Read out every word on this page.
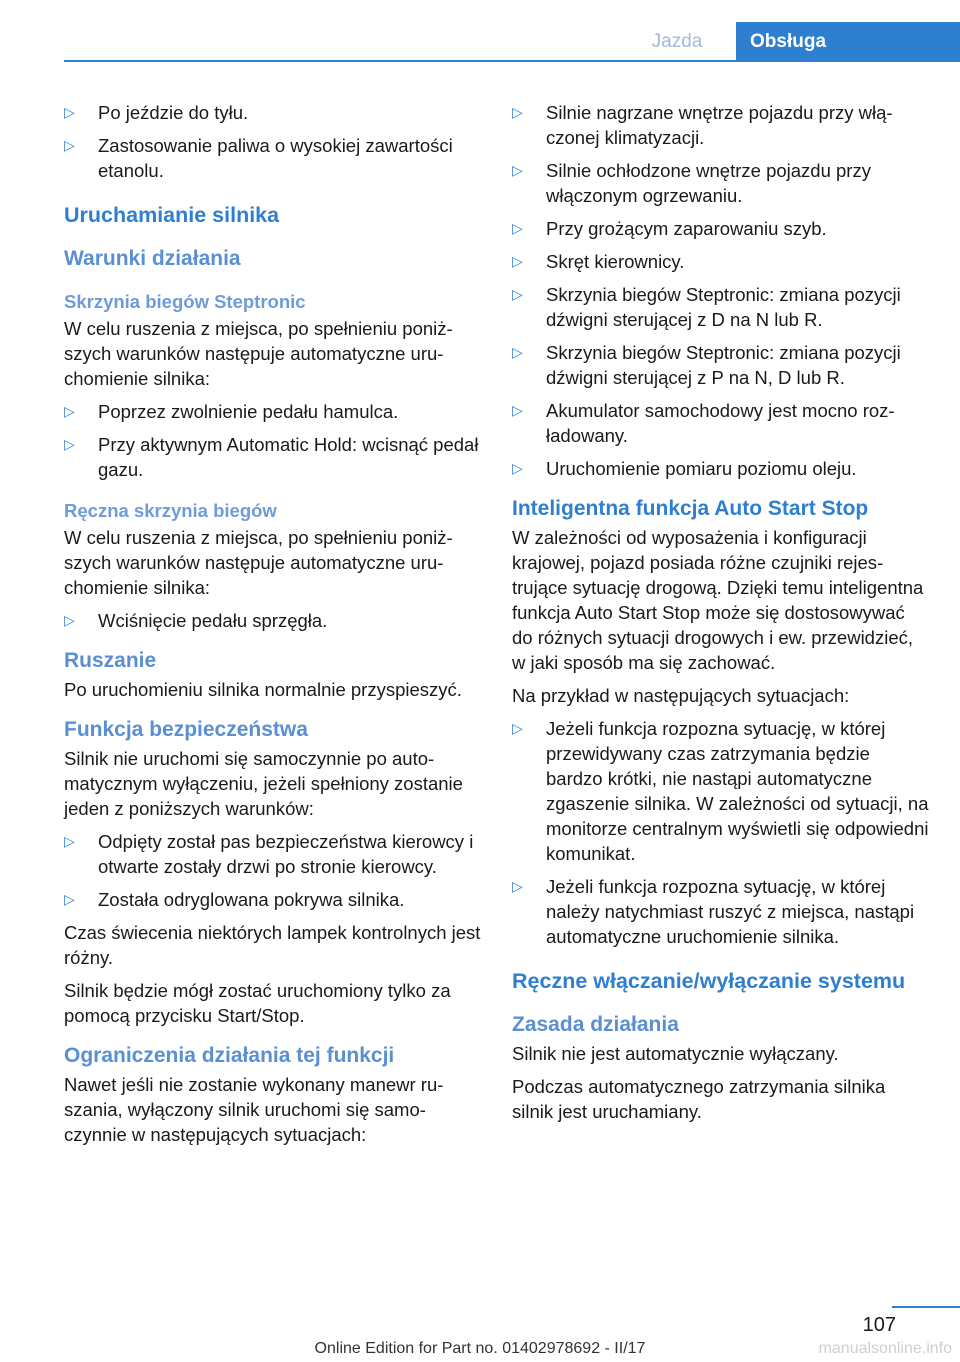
Jazda	Obsługa
▷ Po jeździe do tyłu.
▷ Zastosowanie paliwa o wysokiej zawartości etanolu.
Uruchamianie silnika
Warunki działania
Skrzynia biegów Steptronic

W celu ruszenia z miejsca, po spełnieniu poniższych warunków następuje automatyczne uruchomienie silnika:

▷ Poprzez zwolnienie pedału hamulca.
▷ Przy aktywnym Automatic Hold: wcisnąć pedał gazu.
Ręczna skrzynia biegów

W celu ruszenia z miejsca, po spełnieniu poniższych warunków następuje automatyczne uruchomienie silnika:

▷ Wciśnięcie pedału sprzęgła.
Ruszanie

Po uruchomieniu silnika normalnie przyspieszyć.

Funkcja bezpieczeństwa

Silnik nie uruchomi się samoczynnie po automatycznym wyłączeniu, jeżeli spełniony zostanie jeden z poniższych warunków:

▷ Odpięty został pas bezpieczeństwa kierowcy i otwarte zostały drzwi po stronie kierowcy.
▷ Została odryglowana pokrywa silnika.

Czas świecenia niektórych lampek kontrolnych jest różny.

Silnik będzie mógł zostać uruchomiony tylko za pomocą przycisku Start/Stop.

Ograniczenia działania tej funkcji

Nawet jeśli nie zostanie wykonany manewr ruszania, wyłączony silnik uruchomi się samoczynnie w następujących sytuacjach:

▷ Silnie nagrzane wnętrze pojazdu przy włączonej klimatyzacji.
▷ Silnie ochłodzone wnętrze pojazdu przy włączonym ogrzewaniu.
▷ Przy grożącym zaparowaniu szyb.
▷ Skręt kierownicy.
▷ Skrzynia biegów Steptronic: zmiana pozycji dźwigni sterującej z D na N lub R.
▷ Skrzynia biegów Steptronic: zmiana pozycji dźwigni sterującej z P na N, D lub R.
▷ Akumulator samochodowy jest mocno rozładowany.
▷ Uruchomienie pomiaru poziomu oleju.
Inteligentna funkcja Auto Start Stop

W zależności od wyposażenia i konfiguracji krajowej, pojazd posiada różne czujniki rejestrujące sytuację drogową. Dzięki temu inteligentna funkcja Auto Start Stop może się dostosowywać do różnych sytuacji drogowych i ew. przewidzieć, w jaki sposób ma się zachować.

Na przykład w następujących sytuacjach:

▷ Jeżeli funkcja rozpozna sytuację, w której przewidywany czas zatrzymania będzie bardzo krótki, nie nastąpi automatyczne zgaszenie silnika. W zależności od sytuacji, na monitorze centralnym wyświetli się odpowiedni komunikat.
▷ Jeżeli funkcja rozpozna sytuację, w której należy natychmiast ruszyć z miejsca, nastąpi automatyczne uruchomienie silnika.
Ręczne włączanie/wyłączanie systemu
Zasada działania

Silnik nie jest automatycznie wyłączany.

Podczas automatycznego zatrzymania silnika silnik jest uruchamiany.

107
Online Edition for Part no. 01402978692 - II/17	manualsonline.info
